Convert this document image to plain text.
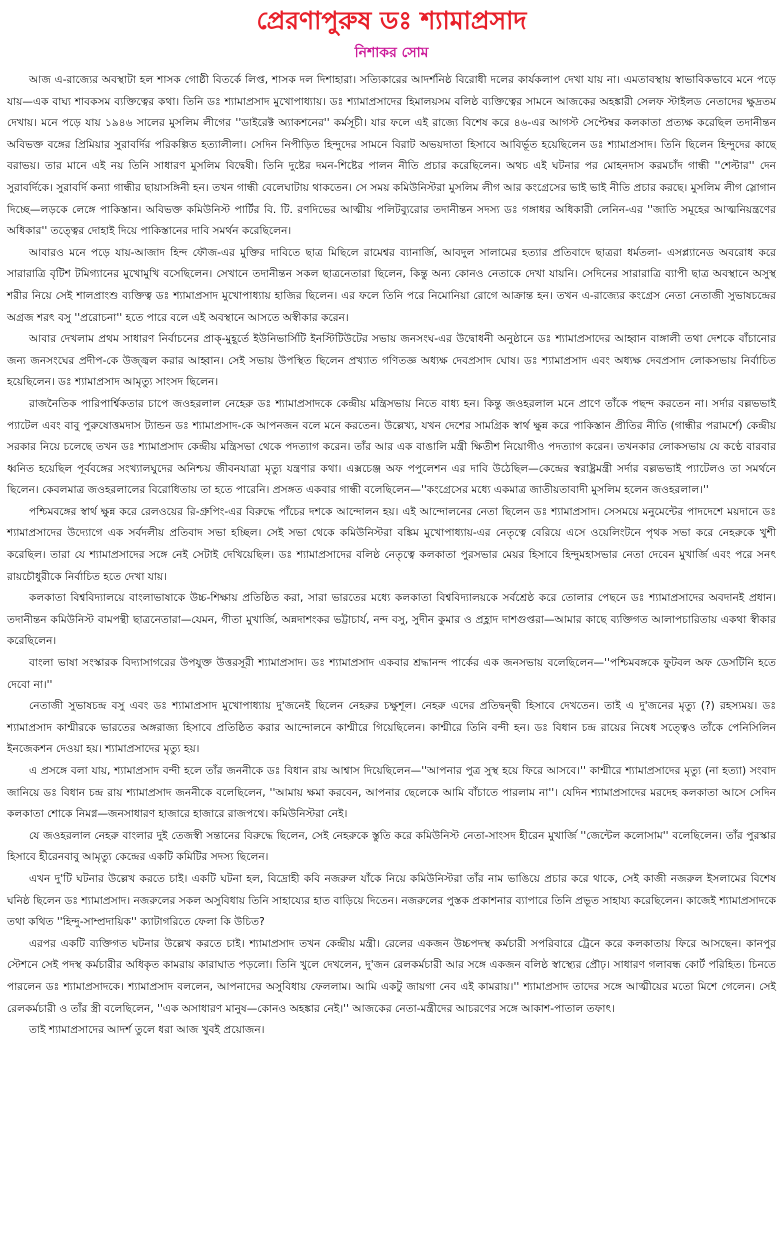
প্রেরণাপুরুষ ডঃ শ্যামাপ্রসাদ
নিশাকর সোম

আজ এ-রাজ্যের অবস্থাটা হল শাসক গোষ্ঠী বিতর্কে লিপ্ত, শাসক দল দিশাহারা। সত্যিকারের আদর্শনিষ্ঠ বিরোধী দলের কার্যকলাপ দেখা যায় না। এমতাবস্থায় স্বাভাবিকভাবে মনে পড়ে যায়—এক বাঘ্য শাবকসম ব্যক্তিত্বের কথা। তিনি ডঃ শ্যামাপ্রসাদ মুখোপাধ্যায়। ডঃ শ্যামাপ্রসাদের হিমালয়সম বলিষ্ঠ ব্যক্তিত্বের সামনে আজকের অহঙ্কারী সেলফ স্টাইলড নেতাদের ক্ষুদ্রতম দেখায়। মনে পড়ে যায় ১৯৪৬ সালের মুসলিম লীগের ''ডাইরেক্ট অ্যাকশনের'' কর্মসূচী। যার ফলে এই রাজ্যে বিশেষ করে ৪৬-এর আগস্ট সেপ্টেম্বর কলকাতা প্রত্যক্ষ করেছিল তদানীন্তন অবিভক্ত বঙ্গের প্রিমিয়ার সুরাবর্দির পরিকল্পিত হত্যালীলা। সেদিন নিপীড়িত হিন্দুদের সামনে বিরাট অভয়দাতা হিসাবে আবির্ভূত হয়েছিলেন ডঃ শ্যামাপ্রসাদ। তিনি ছিলেন হিন্দুদের কাছে বরাভয়। তার মানে এই নয় তিনি সাধারণ মুসলিম বিদ্বেষী। তিনি দুষ্টের দমন-শিষ্টের পালন নীতি প্রচার করেছিলেন। অথচ এই ঘটনার পর মোহনদাস করমচাঁদ গান্ধী ''শেল্টার'' দেন সুরাবর্দিকে। সুরাবর্দি কন্যা গান্ধীর ছায়াসঙ্গিনী হন। তখন গান্ধী বেলেঘাটায় থাকতেন। সে সময় কমিউনিস্টরা মুসলিম লীগ আর কংগ্রেসের ভাই ভাই নীতি প্রচার করছে। মুসলিম লীগ স্লোগান দিচ্ছে—লড়কে লেঙ্গে পাকিস্তান। অবিভক্ত কমিউনিস্ট পার্টির বি. টি. রণদিভের আত্মীয় পলিটব্যুরোর তদানীন্তন সদস্য ডঃ গঙ্গাধর অধিকারী লেনিন-এর ''জাতি সমূহের আত্মনিয়ন্ত্রণের অধিকার'' তত্ত্বের দোহাই দিয়ে পাকিস্তানের দাবি সমর্থন করেছিলেন।

আবারও মনে পড়ে যায়-আজাদ হিন্দ ফৌজ-এর মুক্তির দাবিতে ছাত্র মিছিলে রামেশ্বর ব্যানার্জি, আবদুল সালামের হত্যার প্রতিবাদে ছাত্ররা ধর্মতলা- এসপ্ল্যানেড অবরোধ করে সারারাত্রি বৃটিশ টমিগ্যানের মুখোমুখি বসেছিলেন। সেখানে তদানীন্তন সকল ছাত্রনেতারা ছিলেন, কিন্তু অন্য কোনও নেতাকে দেখা যায়নি। সেদিনের সারারাত্রি ব্যাপী ছাত্র অবস্থানে অসুস্থ শরীর নিয়ে সেই শালপ্রাংশু ব্যক্তিত্ব ডঃ শ্যামাপ্রসাদ মুখোপাধ্যায় হাজির ছিলেন। এর ফলে তিনি পরে নিমোনিয়া রোগে আক্রান্ত হন। তখন এ-রাজ্যের কংগ্রেস নেতা নেতাজী সুভাষচন্দ্রের অগ্রজ শরৎ বসু ''প্ররোচনা'' হতে পারে বলে এই অবস্থানে আসতে অস্বীকার করেন।

আবার দেখলাম প্রথম সাধারণ নির্বাচনের প্রাক্-মুহূর্তে ইউনিভার্সিটি ইনস্টিটিউটের সভায় জনসংঘ-এর উদ্বোধনী অনুষ্ঠানে ডঃ শ্যামাপ্রসাদের আহ্বান বাঙ্গালী তথা দেশকে বাঁচানোর জন্য জনসংঘের প্রদীপ-কে উজ্জ্বল করার আহ্বান। সেই সভায় উপস্থিত ছিলেন প্রখ্যাত গণিতজ্ঞ অধ্যক্ষ দেবপ্রসাদ ঘোষ। ডঃ শ্যামাপ্রসাদ এবং অধ্যক্ষ দেবপ্রসাদ লোকসভায় নির্বাচিত হয়েছিলেন। ডঃ শ্যামাপ্রসাদ আমৃত্যু সাংসদ ছিলেন।

রাজনৈতিক পারিপার্শ্বিকতার চাপে জওহরলাল নেহেরু ডঃ শ্যামাপ্রসাদকে কেন্দ্রীয় মন্ত্রিসভায় নিতে বাধ্য হন। কিন্তু জওহরলাল মনে প্রাণে তাঁকে পছন্দ করতেন না। সর্দার বল্লভভাই প্যাটেল এবং বাবু পুরুষোত্তমদাস ট্যান্ডন ডঃ শ্যামাপ্রসাদ-কে আপনজন বলে মনে করতেন। উল্লেখ্য, যখন দেশের সামগ্রিক স্বার্থ ক্ষুন্ন করে পাকিস্তান প্রীতির নীতি (গান্ধীর পরামর্শে) কেন্দ্রীয় সরকার নিয়ে চলেছে তখন ডঃ শ্যামাপ্রসাদ কেন্দ্রীয় মন্ত্রিসভা থেকে পদত্যাগ করেন। তাঁর আর এক বাঙালি মন্ত্রী ক্ষিতীশ নিয়োগীও পদত্যাগ করেন। তখনকার লোকসভায় যে কণ্ঠে বারবার ধ্বনিত হয়েছিল পূর্ববঙ্গের সংখ্যালঘুদের অনিশ্চয় জীবনযাত্রা মৃত্যু যন্ত্রণার কথা। এক্সচেঞ্জ অফ পপুলেশন এর দাবি উঠেছিল—কেন্দ্রের স্বরাষ্ট্রমন্ত্রী সর্দার বল্লভভাই প্যাটেলও তা সমর্থনে ছিলেন। কেবলমাত্র জওহরলালের বিরোধিতায় তা হতে পারেনি। প্রসঙ্গত একবার গান্ধী বলেছিলেন—''কংগ্রেসের মধ্যে একমাত্র জাতীয়তাবাদী মুসলিম হলেন জওহরলাল।''

পশ্চিমবঙ্গের স্বার্থ ক্ষুন্ন করে রেলওয়ের রি-গ্রুপিং-এর বিরুদ্ধে পাঁচের দশকে আন্দোলন হয়। এই আন্দোলনের নেতা ছিলেন ডঃ শ্যামাপ্রসাদ। সেসময়ে মনুমেন্টের পাদদেশে ময়দানে ডঃ শ্যামাপ্রসাদের উদ্যোগে এক সর্বদলীয় প্রতিবাদ সভা হচ্ছিল। সেই সভা থেকে কমিউনিস্টরা বঙ্কিম মুখোপাধ্যায়-এর নেতৃত্বে বেরিয়ে এসে ওয়েলিংটনে পৃথক সভা করে নেহরুকে খুশী করেছিল। তারা যে শ্যামাপ্রসাদের সঙ্গে নেই সেটাই দেখিয়েছিল। ডঃ শ্যামাপ্রসাদের বলিষ্ঠ নেতৃত্বে কলকাতা পুরসভার মেয়র হিসাবে হিন্দুমহাসভার নেতা দেবেন মুখার্জি এবং পরে সনৎ রায়চৌধুরীকে নির্বাচিত হতে দেখা যায়।

কলকাতা বিশ্ববিদ্যালয়ে বাংলাভাষাকে উচ্চ-শিক্ষায় প্রতিষ্ঠিত করা, সারা ভারতের মধ্যে কলকাতা বিশ্ববিদ্যালয়কে সর্বশ্রেষ্ঠ করে তোলার পেছনে ডঃ শ্যামাপ্রসাদের অবদানই প্রধান। তদানীন্তন কমিউনিস্ট বামপন্থী ছাত্রনেতারা—যেমন, গীতা মুখার্জি, অন্নদাশংকর ভট্টাচার্য, নন্দ বসু, সুদীন কুমার ও প্রহ্লাদ দাশগুপ্তরা—আমার কাছে ব্যক্তিগত আলাপচারিতায় একথা স্বীকার করেছিলেন।

বাংলা ভাষা সংস্কারক বিদ্যাসাগরের উপযুক্ত উত্তরসূরী শ্যামাপ্রসাদ। ডঃ শ্যামাপ্রসাদ একবার শ্রদ্ধানন্দ পার্কের এক জনসভায় বলেছিলেন—''পশ্চিমবঙ্গকে ফুটবল অফ ডেসটিনি হতে দেবো না।''

নেতাজী সুভাষচন্দ্র বসু এবং ডঃ শ্যামাপ্রসাদ মুখোপাধ্যায় দু'জনেই ছিলেন নেহরুর চক্ষুশূল। নেহরু এদের প্রতিদ্বন্দ্বী হিসাবে দেখতেন। তাই এ দু'জনের মৃত্যু (?) রহস্যময়। ডঃ শ্যামাপ্রসাদ কাশ্মীরকে ভারতের অঙ্গরাজ্য হিসাবে প্রতিষ্ঠিত করার আন্দোলনে কাশ্মীরে গিয়েছিলেন। কাশ্মীরে তিনি বন্দী হন। ডঃ বিধান চন্দ্র রায়ের নিষেধ সত্ত্বেও তাঁকে পেনিসিলিন ইনজেকশন দেওয়া হয়। শ্যামাপ্রসাদের মৃত্যু হয়।

এ প্রসঙ্গে বলা যায়, শ্যামাপ্রসাদ বন্দী হলে তাঁর জননীকে ডঃ বিধান রায় আশ্বাস দিয়েছিলেন—''আপনার পুত্র সুস্থ হয়ে ফিরে আসবে।'' কাশ্মীরে শ্যামাপ্রসাদের মৃত্যু (না হত্যা) সংবাদ জানিয়ে ডঃ বিধান চন্দ্র রায় শ্যামাপ্রসাদ জননীকে বলেছিলেন, ''আমায় ক্ষমা করবেন, আপনার ছেলেকে আমি বাঁচাতে পারলাম না''। যেদিন শ্যামাপ্রসাদের মরদেহ কলকাতা আসে সেদিন কলকাতা শোকে নিমগ্ন—জনসাধারণ হাজারে হাজারে রাজপথে। কমিউনিস্টরা নেই।

যে জওহরলাল নেহরু বাংলার দুই তেজস্বী সন্তানের বিরুদ্ধে ছিলেন, সেই নেহরুকে স্তুতি করে কমিউনিস্ট নেতা-সাংসদ হীরেন মুখার্জি ''জেন্টেল কলোসাম'' বলেছিলেন। তাঁর পুরস্কার হিসাবে হীরেনবাবু আমৃত্যু কেন্দ্রের একটি কমিটির সদস্য ছিলেন।

এখন দু'টি ঘটনার উল্লেখ করতে চাই। একটি ঘটনা হল, বিদ্রোহী কবি নজরুল যাঁকে নিয়ে কমিউনিস্টরা তাঁর নাম ভাঙিয়ে প্রচার করে থাকে, সেই কাজী নজরুল ইসলামের বিশেষ ঘনিষ্ঠ ছিলেন ডঃ শ্যামাপ্রসাদ। নজরুলের সকল অসুবিধায় তিনি সাহায্যের হাত বাড়িয়ে দিতেন। নজরুলের পুস্তক প্রকাশনার ব্যাপারে তিনি প্রভূত সাহায্য করেছিলেন। কাজেই শ্যামাপ্রসাদকে তথা কথিত ''হিন্দু-সাম্প্রদায়িক'' ক্যাটাগরিতে ফেলা কি উচিত?

এরপর একটি ব্যক্তিগত ঘটনার উল্লেখ করতে চাই। শ্যামাপ্রসাদ তখন কেন্দ্রীয় মন্ত্রী। রেলের একজন উচ্চপদস্থ কর্মচারী সপরিবারে ট্রেনে করে কলকাতায় ফিরে আসছেন। কানপুর স্টেশনে সেই পদস্থ কর্মচারীর অধিকৃত কামরায় কারাঘাত পড়লো। তিনি খুলে দেখলেন, দু'জন রেলকর্মচারী আর সঙ্গে একজন বলিষ্ঠ স্বাস্থ্যের প্রৌঢ়। সাধারণ গলাবন্ধ কোর্ট পরিহিত। চিনতে পারলেন ডঃ শ্যামাপ্রসাদকে। শ্যামাপ্রসাদ বললেন, আপনাদের অসুবিধায় ফেললাম। আমি একটু জায়গা নেব এই কামরায়।'' শ্যামাপ্রসাদ তাদের সঙ্গে আত্মীয়ের মতো মিশে গেলেন। সেই রেলকর্মচারী ও তাঁর স্ত্রী বলেছিলেন, ''এক অসাধারণ মানুষ—কোনও অহঙ্কার নেই।'' আজকের নেতা-মন্ত্রীদের আচরণের সঙ্গে আকাশ-পাতাল তফাৎ।

তাই শ্যামাপ্রসাদের আদর্শ তুলে ধরা আজ খুবই প্রয়োজন।
